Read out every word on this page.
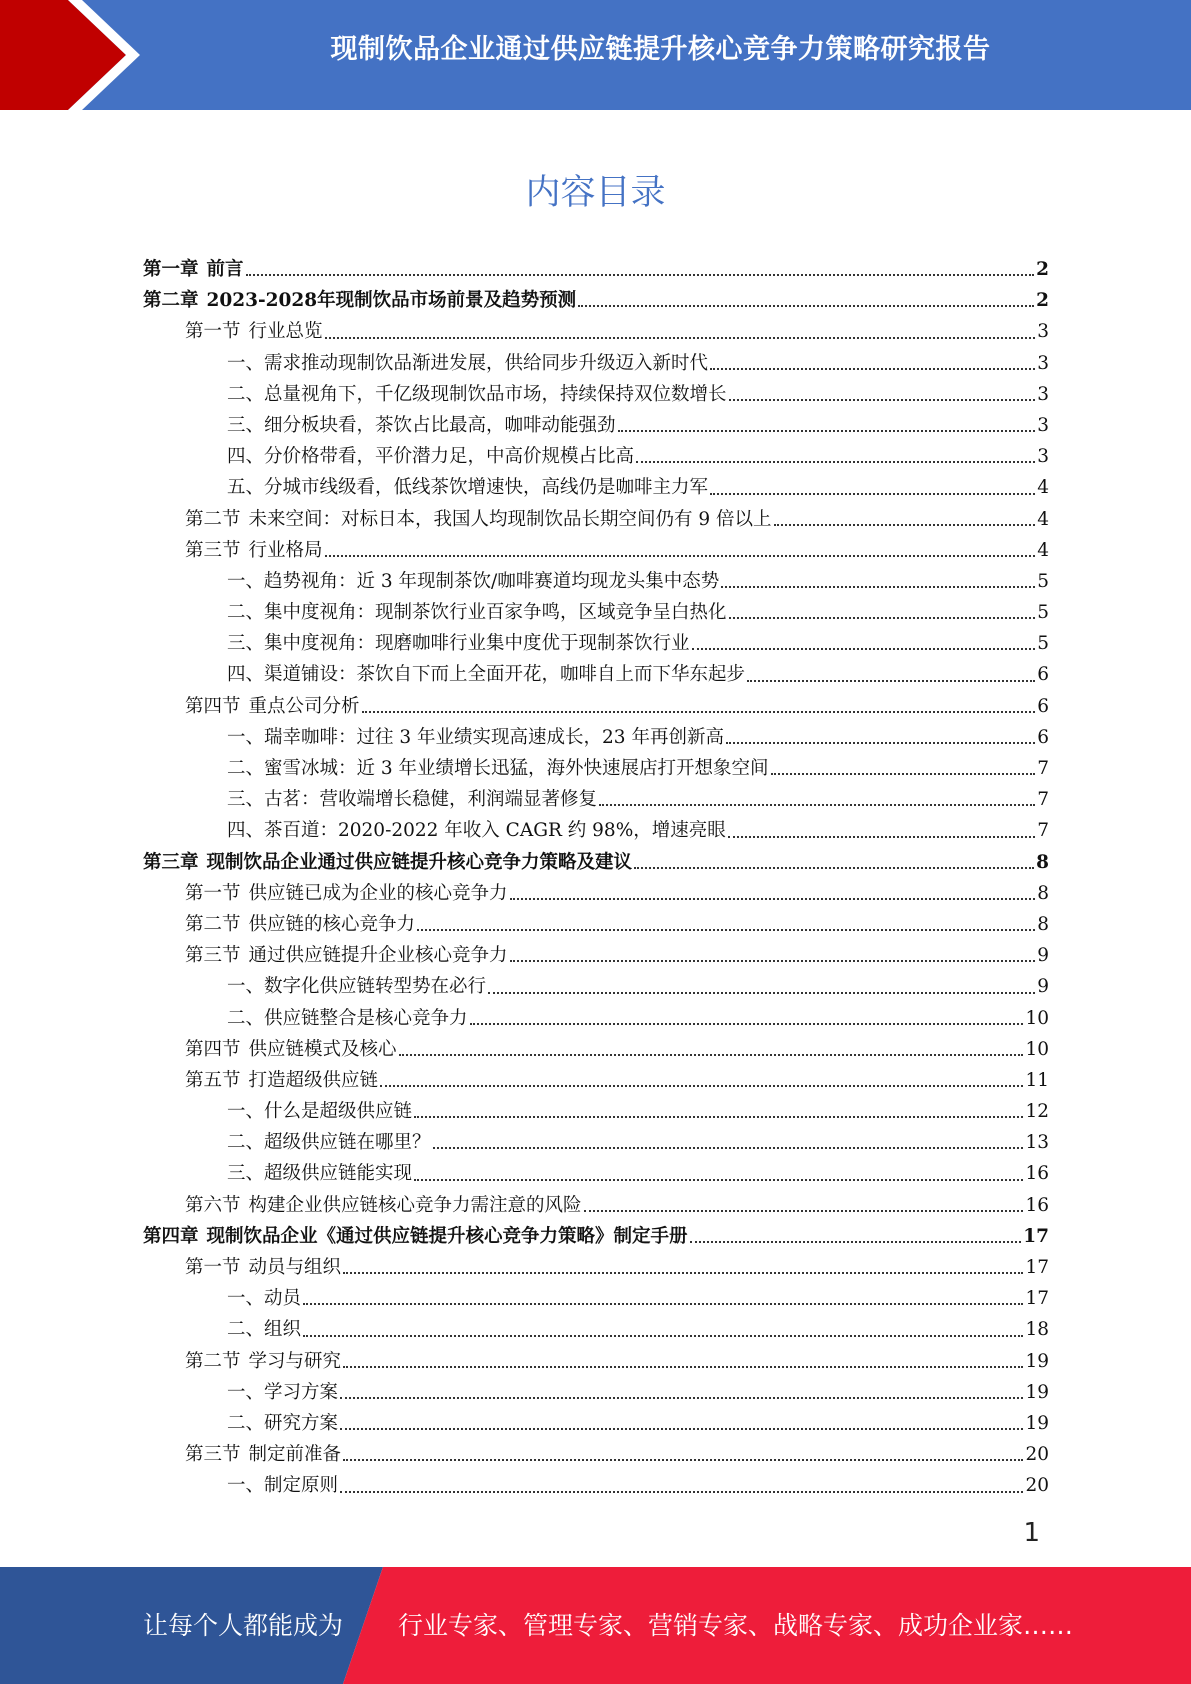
现制饮品企业通过供应链提升核心竞争力策略研究报告
内容目录
第一章 前言	2
第二章 2023-2028年现制饮品市场前景及趋势预测	2
第一节 行业总览	3
一、需求推动现制饮品渐进发展，供给同步升级迈入新时代	3
二、总量视角下，千亿级现制饮品市场，持续保持双位数增长	3
三、细分板块看，茶饮占比最高，咖啡动能强劲	3
四、分价格带看，平价潜力足，中高价规模占比高	3
五、分城市线级看，低线茶饮增速快，高线仍是咖啡主力军	4
第二节 未来空间：对标日本，我国人均现制饮品长期空间仍有 9 倍以上	4
第三节 行业格局	4
一、趋势视角：近 3 年现制茶饮/咖啡赛道均现龙头集中态势	5
二、集中度视角：现制茶饮行业百家争鸣，区域竞争呈白热化	5
三、集中度视角：现磨咖啡行业集中度优于现制茶饮行业	5
四、渠道铺设：茶饮自下而上全面开花，咖啡自上而下华东起步	6
第四节 重点公司分析	6
一、瑞幸咖啡：过往 3 年业绩实现高速成长，23 年再创新高	6
二、蜜雪冰城：近 3 年业绩增长迅猛，海外快速展店打开想象空间	7
三、古茗：营收端增长稳健，利润端显著修复	7
四、茶百道：2020-2022 年收入 CAGR 约 98%，增速亮眼	7
第三章 现制饮品企业通过供应链提升核心竞争力策略及建议	8
第一节 供应链已成为企业的核心竞争力	8
第二节 供应链的核心竞争力	8
第三节 通过供应链提升企业核心竞争力	9
一、数字化供应链转型势在必行	9
二、供应链整合是核心竞争力	10
第四节 供应链模式及核心	10
第五节 打造超级供应链	11
一、什么是超级供应链	12
二、超级供应链在哪里？	13
三、超级供应链能实现	16
第六节 构建企业供应链核心竞争力需注意的风险	16
第四章 现制饮品企业《通过供应链提升核心竞争力策略》制定手册	17
第一节 动员与组织	17
一、动员	17
二、组织	18
第二节 学习与研究	19
一、学习方案	19
二、研究方案	19
第三节 制定前准备	20
一、制定原则	20
1
让每个人都能成为 行业专家、管理专家、营销专家、战略专家、成功企业家……
